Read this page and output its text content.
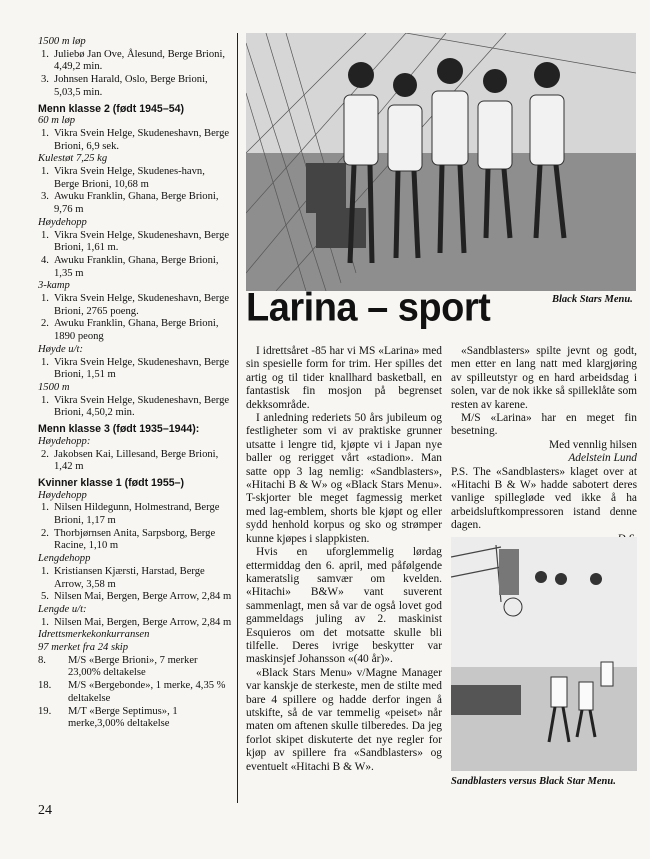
1500 m løp
1. Juliebø Jan Ove, Ålesund, Berge Brioni, 4,49,2 min.
3. Johnsen Harald, Oslo, Berge Brioni, 5,03,5 min.
Menn klasse 2 (født 1945–54)
60 m løp
1. Vikra Svein Helge, Skudeneshavn, Berge Brioni, 6,9 sek.
Kulestøt 7,25 kg
1. Vikra Svein Helge, Skudenes-havn, Berge Brioni, 10,68 m
3. Awuku Franklin, Ghana, Berge Brioni, 9,76 m
Høydehopp
1. Vikra Svein Helge, Skudeneshavn, Berge Brioni, 1,61 m.
4. Awuku Franklin, Ghana, Berge Brioni, 1,35 m
3-kamp
1. Vikra Svein Helge, Skudeneshavn, Berge Brioni, 2765 poeng.
2. Awuku Franklin, Ghana, Berge Brioni, 1890 peong
Høyde u/t:
1. Vikra Svein Helge, Skudeneshavn, Berge Brioni, 1,51 m
1500 m
1. Vikra Svein Helge, Skudeneshavn, Berge Brioni, 4,50,2 min.
Menn klasse 3 (født 1935–1944):
Høydehopp:
2. Jakobsen Kai, Lillesand, Berge Brioni, 1,42 m
Kvinner klasse 1 (født 1955–)
Høydehopp
1. Nilsen Hildegunn, Holmestrand, Berge Brioni, 1,17 m
2. Thorbjørnsen Anita, Sarpsborg, Berge Racine, 1,10 m
Lengdehopp
1. Kristiansen Kjærsti, Harstad, Berge Arrow, 3,58 m
5. Nilsen Mai, Bergen, Berge Arrow, 2,84 m
Lengde u/t:
1. Nilsen Mai, Bergen, Berge Arrow, 2,84 m
Idrettsmerkekonkurransen
97 merket fra 24 skip
8. M/S «Berge Brioni», 7 merker 23,00% deltakelse
18. M/S «Bergebonde», 1 merke, 4,35 % deltakelse
19. M/T «Berge Septimus», 1 merke,3,00% deltakelse
Black Stars Menu.
Larina – sport

I idrettsåret -85 har vi MS «Larina» med sin spesielle form for trim. Her spilles det artig og til tider knallhard basketball, en fantastisk fin mosjon på begrenset dekksområde.

I anledning rederiets 50 års jubileum og festligheter som vi av praktiske grunner utsatte i lengre tid, kjøpte vi i Japan nye baller og rerigget vårt «stadion». Man satte opp 3 lag nemlig: «Sandblasters», «Hitachi B & W» og «Black Stars Menu». T-skjorter ble meget fagmessig merket med lag-emblem, shorts ble kjøpt og eller sydd henhold korpus og sko og strømper kunne kjøpes i slappkisten.

Hvis en uforglemmelig lørdag ettermiddag den 6. april, med påfølgende kameratslig samvær om kvelden. «Hitachi» B&W» vant suverent sammenlagt, men så var de også lovet god gammeldags juling av 2. maskinist Esquieros om det motsatte skulle bli tilfelle. Deres ivrige beskytter var maskinsjef Johansson «(40 år)».

«Black Stars Menu» v/Magne Manager var kanskje de sterkeste, men de stilte med bare 4 spillere og hadde derfor ingen å utskifte, så de var temmelig «peiset» når maten om aftenen skulle tilberedes. Da jeg forlot skipet diskuterte det nye regler for kjøp av spillere fra «Sandblasters» og eventuelt «Hitachi B & W».

«Sandblasters» spilte jevnt og godt, men etter en lang natt med klargjøring av spilleutstyr og en hard arbeidsdag i solen, var de nok ikke så spilleklåte som resten av karene.

M/S «Larina» har en meget fin besetning.

Med vennlig hilsen

Adelstein Lund

P.S. The «Sandblasters» klaget over at «Hitachi B & W» hadde sabotert deres vanlige spillegløde ved ikke å ha arbeidsluftkompressoren istand denne dagen.

Sandblasters versus Black Star Menu.
24
